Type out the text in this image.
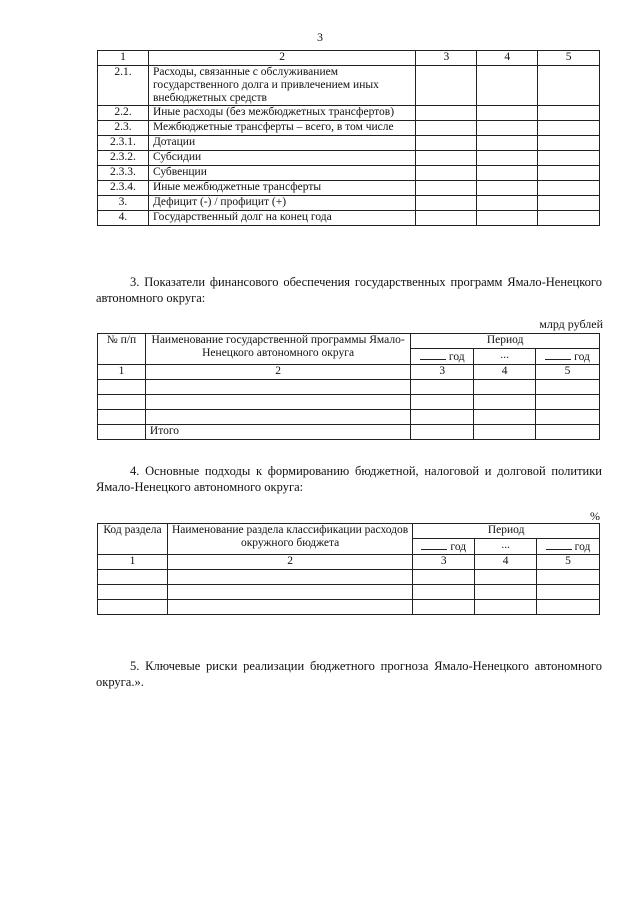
3
1	2	3	4	5
2.1.	Расходы, связанные с обслуживанием государственного долга и привлечением иных внебюджетных средств			
2.2.	Иные расходы (без межбюджетных трансфертов)			
2.3.	Межбюджетные трансферты – всего, в том числе			
2.3.1.	Дотации			
2.3.2.	Субсидии			
2.3.3.	Субвенции			
2.3.4.	Иные межбюджетные трансферты			
3.	Дефицит (-) / профицит (+)			
4.	Государственный долг на конец года			
3. Показатели финансового обеспечения государственных программ Ямало-Ненецкого автономного округа:
млрд рублей
№ п/п	Наименование государственной программы Ямало-Ненецкого автономного округа	Период		
		год	...	год
1	2	3	4	5

	Итого			
4. Основные подходы к формированию бюджетной, налоговой и долговой политики Ямало-Ненецкого автономного округа:
%
Код раздела	Наименование раздела классификации расходов окружного бюджета	Период		
		год	...	год
1	2	3	4	5

5. Ключевые риски реализации бюджетного прогноза Ямало-Ненецкого автономного округа.».
